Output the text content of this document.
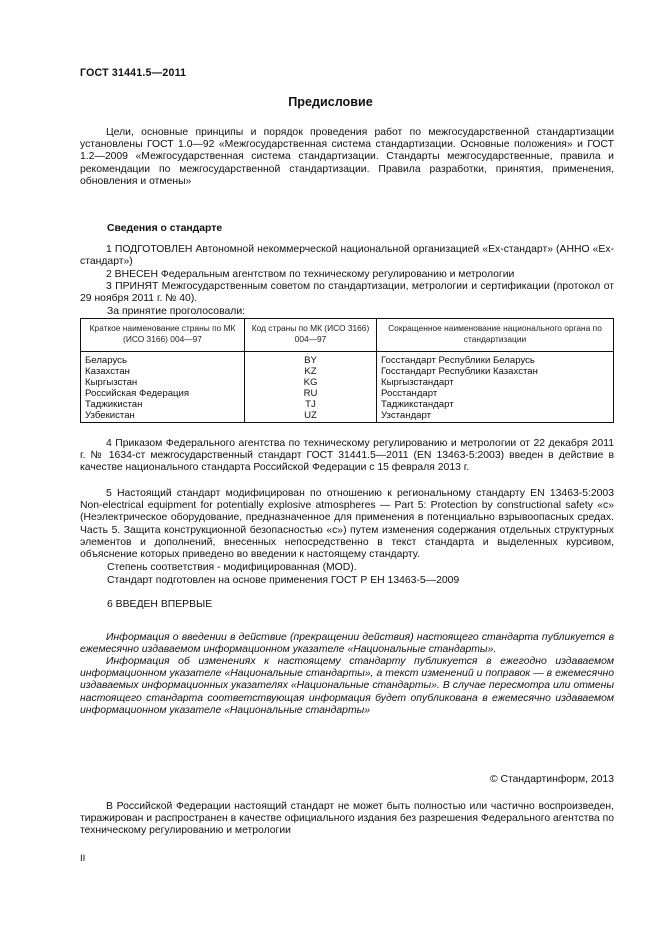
ГОСТ 31441.5—2011
Предисловие
Цели, основные принципы и порядок проведения работ по межгосударственной стандартизации установлены ГОСТ 1.0—92 «Межгосударственная система стандартизации. Основные положения» и ГОСТ 1.2—2009 «Межгосударственная система стандартизации. Стандарты межгосударственные, правила и рекомендации по межгосударственной стандартизации. Правила разработки, принятия, применения, обновления и отмены»
Сведения о стандарте
1 ПОДГОТОВЛЕН Автономной некоммерческой национальной организацией «Ех-стандарт» (АННО «Ех-стандарт»)
2 ВНЕСЕН Федеральным агентством по техническому регулированию и метрологии
3 ПРИНЯТ Межгосударственным советом по стандартизации, метрологии и сертификации (протокол от 29 ноября 2011 г. № 40).
За принятие проголосовали:
Краткое наименование страны по МК (ИСО 3166) 004—97	Код страны по МК (ИСО 3166) 004—97	Сокращенное наименование национального органа по стандартизации
Беларусь	BY	Госстандарт Республики Беларусь
Казахстан	KZ	Госстандарт Республики Казахстан
Кыргызстан	KG	Кыргызстандарт
Российская Федерация	RU	Росстандарт
Таджикистан	TJ	Таджикстандарт
Узбекистан	UZ	Узстандарт
4 Приказом Федерального агентства по техническому регулированию и метрологии от 22 декабря 2011 г. № 1634-ст межгосударственный стандарт ГОСТ 31441.5—2011 (EN 13463-5:2003) введен в действие в качестве национального стандарта Российской Федерации с 15 февраля 2013 г.
5 Настоящий стандарт модифицирован по отношению к региональному стандарту EN 13463-5:2003 Non-electrical equipment for potentially explosive atmospheres — Part 5: Protection by constructional safety «c» (Неэлектрическое оборудование, предназначенное для применения в потенциально взрывоопасных средах. Часть 5. Защита конструкционной безопасностью «с») путем изменения содержания отдельных структурных элементов и дополнений, внесенных непосредственно в текст стандарта и выделенных курсивом, объяснение которых приведено во введении к настоящему стандарту.
Степень соответствия - модифицированная (MOD).
Стандарт подготовлен на основе применения ГОСТ Р ЕН 13463-5—2009
6 ВВЕДЕН ВПЕРВЫЕ
Информация о введении в действие (прекращении действия) настоящего стандарта публикуется в ежемесячно издаваемом информационном указателе «Национальные стандарты».
Информация об изменениях к настоящему стандарту публикуется в ежегодно издаваемом информационном указателе «Национальные стандарты», а текст изменений и поправок — в ежемесячно издаваемых информационных указателях «Национальные стандарты». В случае пересмотра или отмены настоящего стандарта соответствующая информация будет опубликована в ежемесячно издаваемом информационном указателе «Национальные стандарты»
© Стандартинформ, 2013
В Российской Федерации настоящий стандарт не может быть полностью или частично воспроизведен, тиражирован и распространен в качестве официального издания без разрешения Федерального агентства по техническому регулированию и метрологии
II
